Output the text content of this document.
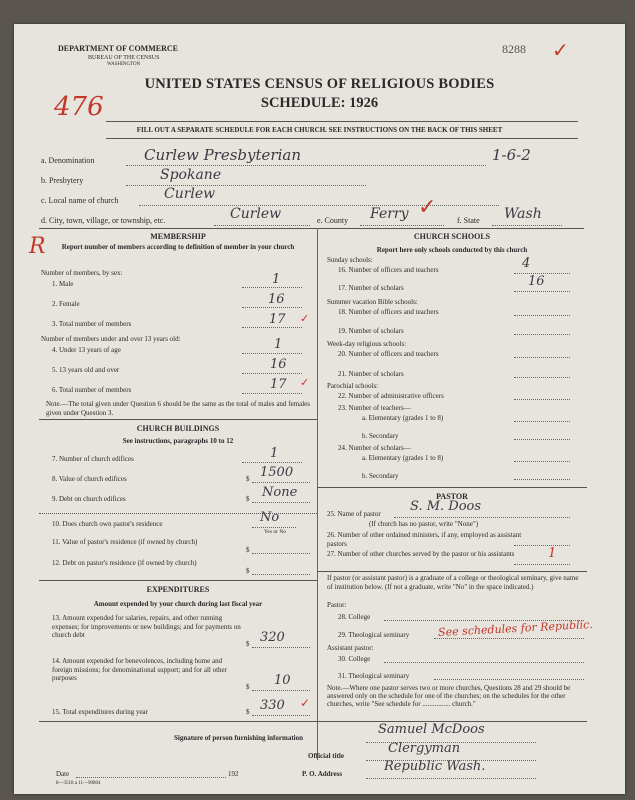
DEPARTMENT OF COMMERCE
BUREAU OF THE CENSUS
WASHINGTON
8288 ✓
UNITED STATES CENSUS OF RELIGIOUS BODIES
SCHEDULE: 1926
476
FILL OUT A SEPARATE SCHEDULE FOR EACH CHURCH. SEE INSTRUCTIONS ON THE BACK OF THIS SHEET
a. Denomination	Curlew Presbyterian	1-6-2
b. Presbytery	Spokane
c. Local name of church	Curlew
d. City, town, village, or township, etc.	Curlew	e. County Ferry ✓
f. State Wash
R	MEMBERSHIP
Report number of members according to definition of member in your church
Number of members, by sex:
1. Male	1
2. Female	16
3. Total number of members	17 ✓
Number of members under and over 13 years old:
4. Under 13 years of age	1
5. 13 years old and over	16
6. Total number of members	17 ✓
Note.—The total given under Question 6 should be the same as the total of males and females given under Question 3.
CHURCH BUILDINGS
See instructions, paragraphs 10 to 12
7. Number of church edifices	1
8. Value of church edifices	$ 1500
9. Debt on church edifices	$ None
10. Does church own pastor's residence	No
Yes or No
11. Value of pastor's residence (if owned by church)
$
12. Debt on pastor's residence (if owned by church)
$
EXPENDITURES
Amount expended by your church during last fiscal year
13. Amount expended for salaries, repairs, and other running expenses; for improvements or new buildings; and for payments on church debt
$ 320
14. Amount expended for benevolences, including home and foreign missions; for denominational support; and for all other purposes
$ 10
15. Total expenditures during year	$ 330 ✓
CHURCH SCHOOLS
Report here only schools conducted by this church
Sunday schools:
16. Number of officers and teachers	4
17. Number of scholars	16
Summer vacation Bible schools:
18. Number of officers and teachers
19. Number of scholars
Week-day religious schools:
20. Number of officers and teachers
21. Number of scholars
Parochial schools:
22. Number of administrative officers
23. Number of teachers—
a. Elementary (grades 1 to 8)
b. Secondary
24. Number of scholars—
a. Elementary (grades 1 to 8)
b. Secondary
PASTOR
25. Name of pastor S. M. Doos
(If church has no pastor, write "None")
26. Number of other ordained ministers, if any, employed as assistant pastors
27. Number of other churches served by the pastor or his assistants	1
If pastor (or assistant pastor) is a graduate of a college or theological seminary, give name of institution below. (If not a graduate, write "No" in the space indicated.)
Pastor:
28. College
29. Theological seminary	See schedules for Republic.
Assistant pastor:
30. College
31. Theological seminary
Note.—Where one pastor serves two or more churches, Questions 28 and 29 should be answered only on the schedule for one of the churches; on the schedules for the other churches, write "See schedule for ................ church."
Signature of person furnishing information
Samuel McDoos
Official title	Clergyman
Date	192	P. O. Address	Republic Wash.
8—3518 a 11—90804
